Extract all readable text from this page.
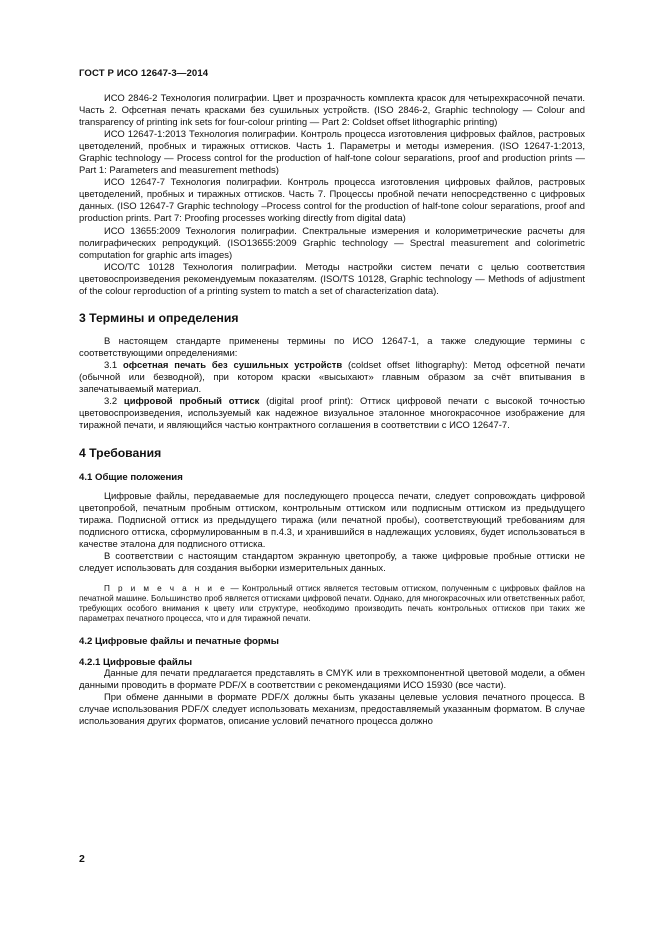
ГОСТ Р ИСО 12647-3—2014

ИСО 2846-2 Технология полиграфии. Цвет и прозрачность комплекта красок для четырехкрасочной печати. Часть 2. Офсетная печать красками без сушильных устройств. (ISO 2846-2, Graphic technology — Colour and transparency of printing ink sets for four-colour printing — Part 2: Coldset offset lithographic printing)

ИСО 12647-1:2013 Технология полиграфии. Контроль процесса изготовления цифровых файлов, растровых цветоделений, пробных и тиражных оттисков. Часть 1. Параметры и методы измерения. (ISO 12647-1:2013, Graphic technology — Process control for the production of half-tone colour separations, proof and production prints — Part 1: Parameters and measurement methods)

ИСО 12647-7 Технология полиграфии. Контроль процесса изготовления цифровых файлов, растровых цветоделений, пробных и тиражных оттисков. Часть 7. Процессы пробной печати непосредственно с цифровых данных. (ISO 12647-7 Graphic technology –Process control for the production of half-tone colour separations, proof and production prints. Part 7: Proofing processes working directly from digital data)

ИСО 13655:2009 Технология полиграфии. Спектральные измерения и колориметрические расчеты для полиграфических репродукций. (ISO13655:2009 Graphic technology — Spectral measurement and colorimetric computation for graphic arts images)

ИСО/ТС 10128 Технология полиграфии. Методы настройки систем печати с целью соответствия цветовоспроизведения рекомендуемым показателям. (ISO/TS 10128, Graphic technology — Methods of adjustment of the colour reproduction of a printing system to match a set of characterization data).

3 Термины и определения

В настоящем стандарте применены термины по ИСО 12647-1, а также следующие термины с соответствующими определениями:

3.1 офсетная печать без сушильных устройств (coldset offset lithography): Метод офсетной печати (обычной или безводной), при котором краски «высыхают» главным образом за счёт впитывания в запечатываемый материал.

3.2 цифровой пробный оттиск (digital proof print): Оттиск цифровой печати с высокой точностью цветовоспроизведения, используемый как надежное визуальное эталонное многокрасочное изображение для тиражной печати, и являющийся частью контрактного соглашения в соответствии с ИСО 12647-7.

4 Требования
4.1 Общие положения

Цифровые файлы, передаваемые для последующего процесса печати, следует сопровождать цифровой цветопробой, печатным пробным оттиском, контрольным оттиском или подписным оттиском из предыдущего тиража. Подписной оттиск из предыдущего тиража (или печатной пробы), соответствующий требованиям для подписного оттиска, сформулированным в п.4.3, и хранившийся в надлежащих условиях, будет использоваться в качестве эталона для подписного оттиска.

В соответствии с настоящим стандартом экранную цветопробу, а также цифровые пробные оттиски не следует использовать для создания выборки измерительных данных.

П р и м е ч а н и е — Контрольный оттиск является тестовым оттиском, полученным с цифровых файлов на печатной машине. Большинство проб является оттисками цифровой печати. Однако, для многокрасочных или ответственных работ, требующих особого внимания к цвету или структуре, необходимо производить печать контрольных оттисков при таких же параметрах печатного процесса, что и для тиражной печати.

4.2 Цифровые файлы и печатные формы
4.2.1 Цифровые файлы

Данные для печати предлагается представлять в CMYK или в трехкомпонентной цветовой модели, а обмен данными проводить в формате PDF/X в соответствии с рекомендациями ИСО 15930 (все части).

При обмене данными в формате PDF/X должны быть указаны целевые условия печатного процесса. В случае использования PDF/X следует использовать механизм, предоставляемый указанным форматом. В случае использования других форматов, описание условий печатного процесса должно

2
